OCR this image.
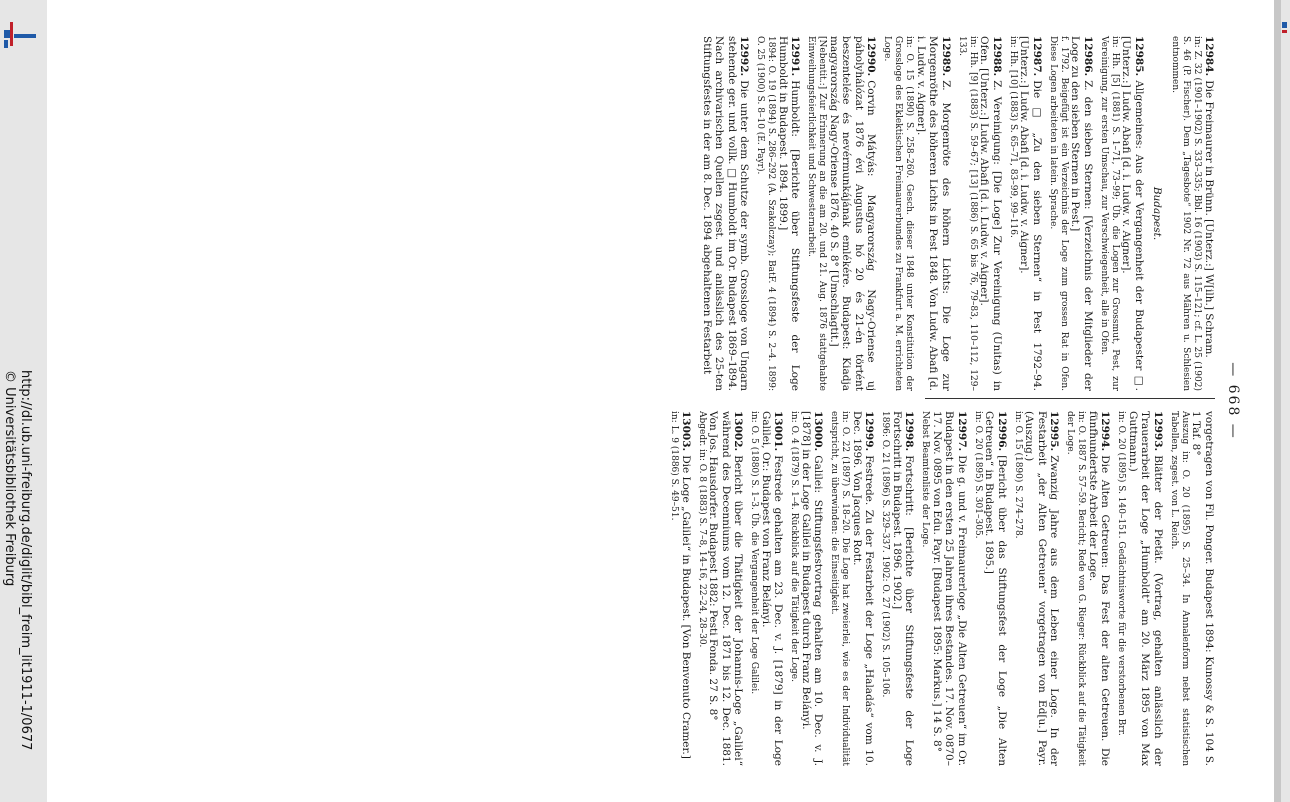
http://dl.ub.uni-freiburg.de/diglit/bibl_freim_lit1911-1/0677
© Universitätsbibliothek Freiburg	— 668 —
12984.Die Freimaurer in Brünn. [Unterz.:] W[ilh.] Schram.
in: Z. 32 (1901–1902) S. 333–335; Bbl. 16 (1903) S. 115–121; cf. L. 25 (1902) S. 46 (P. Fischer). Dem „Tagesbote“ 1902 Nr. 72 aus Mähren u. Schlesien entnommen.
Budapest.
12985.Allgemeines: Aus der Vergangenheit der Budapester □. [Unterz.:] Ludw. Abafi [d. i. Ludw. v. Aigner].
in: Hh. [5] (1881) S. 1–71, 73–99; Üb. die Logen zur Grossmut, Pest, zur Vereinigung, zur ersten Umschau, zur Verschwiegenheit, alle in Ofen.
12986.Z. den sieben Sternen: [Verzeichnis der Mitglieder der Loge zu den sieben Sternen in Pest.]
f. 1792. Beigefügt ist ein Verzeichnis der Loge zum grossen Rat in Ofen. Diese Logen arbeiteten in latein. Sprache.
12987.Die □ „Zu den sieben Sternen“ in Pest 1792–94. [Unterz.:] Ludw. Abafi [d. i. Ludw. v. Aigner].
in: Hh. [10] (1883) S. 65–71, 83–99, 99–116.
12988.Z. Vereinigung: [Die Loge] Zur Vereinigung (Unitas) in Ofen. [Unterz.:] Ludw. Abafi [d. i. Ludw. v. Aigner].
in: Hh. [9] (1883) S. 59–67; [13] (1886) S. 65 bis 76, 79–83, 110–112, 129–133.
12989.Z. Morgenröte des höhern Lichts: Die Loge zur Morgenröthe des höheren Lichts in Pest 1848. Von Ludw. Abafi [d. i. Ludw. v. Aigner].
in: O. 15 (1890) S. 258–260. Gesch. dieser 1848 unter Konstitution der Grossloge des Eklektischen Freimaurerbundes zu Frankfurt a. M. errichteten Loge.
12990.Corvin Mátyás: Magyarország Nagy-Oriense uj páholyhálózat 1876 évi Augustus hó 20 és 21-én történt beszentelése és nevérmunkájának emlékére. Budapest: Kiadja magyarország Nagy-Oriense 1876. 40 S. 8° [Umschlagtit.]
[Nebentit.:] Zur Erinnerung an die am 20. und 21. Aug. 1876 stattgehabte Einweihungsfeierlichkeit und Schwesternarbeit.
12991.Humboldt: [Berichte über Stiftungsfeste der Loge Humboldt in Budapest. 1894. 1899.]
1894: O. 19 (1894) S. 286–292 (A. Szakolczay); BatF. 4 (1894) S. 2–4. 1899: O. 25 (1900) S. 8–10 (E. Payr).
12992.Die unter dem Schutze der symb. Grossloge von Ungarn stehende ger. und vollk. □ Humboldt im Or. Budapest 1869–1894. Nach archivarischen Quellen zsgest. und anlässlich des 25-ten Stiftungsfestes in der am 8. Dec. 1894 abgehaltenen Festarbeit
vorgetragen von Fil. Ponger. Budapest 1894: Kunossy & S. 104 S. 1 Taf. 8°
Auszug in: O. 20 (1895) S. 25–34. In Annalenform nebst statistischen Tabellen, zsgest. von L. Reich.
12993.Blätter der Pietät. (Vortrag, gehalten anlässlich der Trauerarbeit der Loge „Humboldt“ am 20. März 1895 von Max Guttmann.)
in: O. 20 (1895) S. 140–151. Gedächtnisworte für die verstorbenen Brr.
12994.Die Alten Getreuen: Das Fest der alten Getreuen. Die fünfhundertste Arbeit der Loge.
in: O. 1887 S. 57–59. Bericht; Rede von G. Rieger: Rückblick auf die Tätigkeit der Loge.
12995.Zwanzig Jahre aus dem Leben einer Loge. In der Festarbeit „der Alten Getreuen“ vorgetragen von Ed[u.] Payr. (Auszug.)
in: O. 15 (1890) S. 274–278.
12996.[Bericht über das Stiftungsfest der Loge „Die Alten Getreuen“ in Budapest. 1895.]
in: O. 20 (1895) S. 301–305.
12997.Die g. und v. Freimaurerloge „Die Alten Getreuen“ im Or. Budapest in den ersten 25 Jahren ihres Bestandes. 17. Nov. 0870–17. Nov. 0895 von Edu. Payr. [Budapest 1895: Markus.] 14 S. 8°
Nebst Beamtenliste der Loge.
12998.Fortschritt: [Berichte über Stiftungsfeste der Loge Fortschritt in Budapest. 1896. 1902.]
1896: O. 21 (1896) S. 329–337. 1902: O. 27 (1902) S. 105–106.
12999.Festrede. Zu der Festarbeit der Loge „Haladás“ vom 10. Dec. 1896. Von Jacques Rott.
in: O. 22 (1897) S. 18–20. Die Loge hat zweierlei, wie es der Individualität entspricht, zu überwinden: die Einseitigkeit.
13000.Galilei: Stiftungsfestvortrag gehalten am 10. Dec. v. J. [1878] in der Loge Galilei in Budapest durch Franz Belányi.
in: O. 4 (1879) S. 1–4. Rückblick auf die Tätigkeit der Loge.
13001.Festrede gehalten am 23. Dec. v. J. [1879] in der Loge Galilei, Or.: Budapest von Franz Belányi.
in: O. 5 (1880) S. 1–3. Üb. die Vergangenheit der Loge Galilei.
13002.Bericht über die Thätigkeit der Johannis-Loge „Galilei“ während des Decenniums vom 12. Dec. 1871 bis 12. Dec. 1881. Von Jos. Hausdorfer. Budapest 1882: Pesti Fonda. 27 S. 8°
Abgedr. in: O. 8 (1883) S. 7–8, 14–16, 22–24, 28–30.
13003.Die Loge „Galilei“ in Budapest. [Von Benvenuto Cramer.]
in: L. 9 (1886) S. 49–51.
